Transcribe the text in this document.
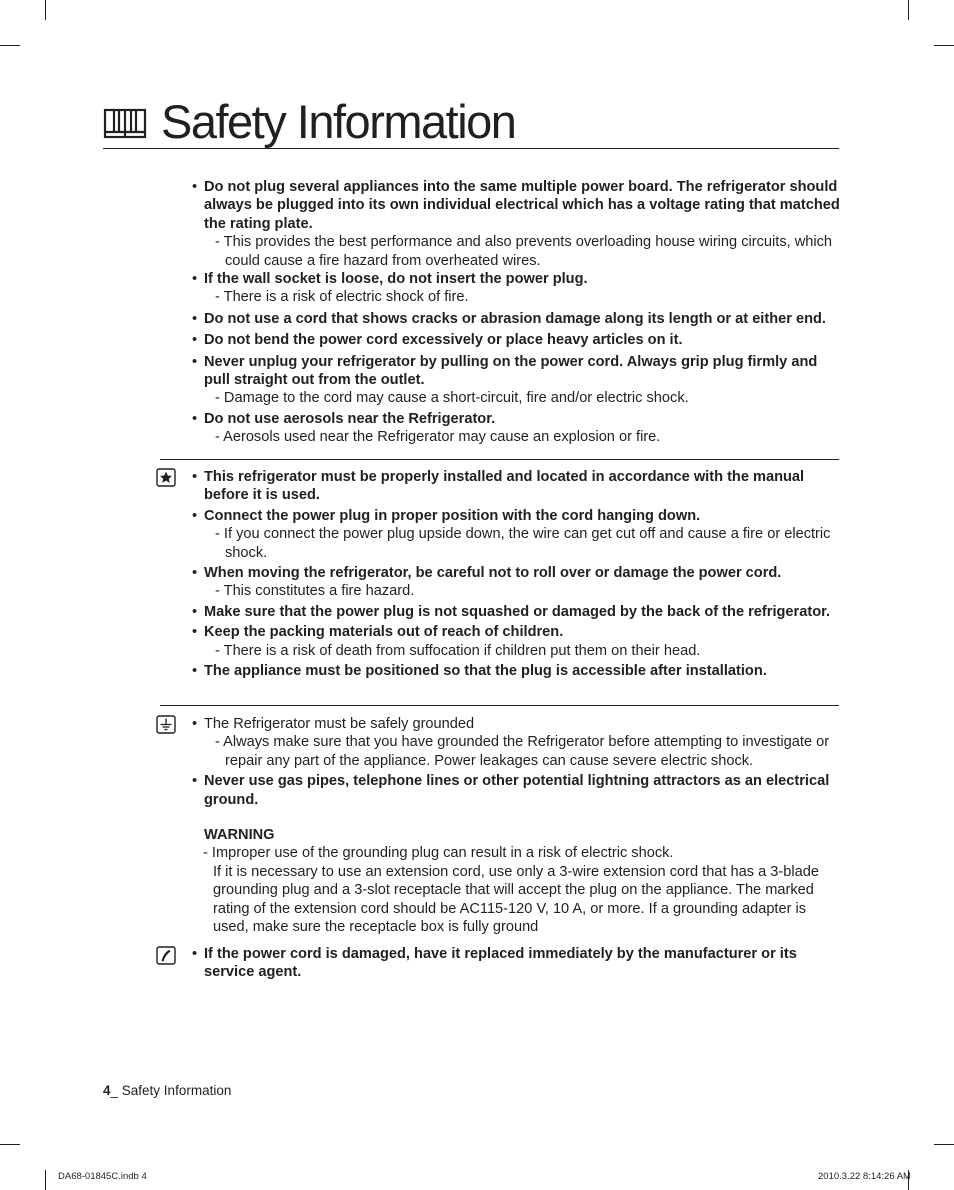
Safety Information
• Do not plug several appliances into the same multiple power board. The refrigerator should always be plugged into its own individual electrical which has a voltage rating that matched the rating plate.
- This provides the best performance and also prevents overloading house wiring circuits, which could cause a fire hazard from overheated wires.
• If the wall socket is loose, do not insert the power plug.
- There is a risk of electric shock of fire.
• Do not use a cord that shows cracks or abrasion damage along its length or at either end.
• Do not bend the power cord excessively or place heavy articles on it.
• Never unplug your refrigerator by pulling on the power cord. Always grip plug firmly and pull straight out from the outlet.
- Damage to the cord may cause a short-circuit, fire and/or electric shock.
• Do not use aerosols near the Refrigerator.
- Aerosols used near the Refrigerator may cause an explosion or fire.
• This refrigerator must be properly installed and located in accordance with the manual before it is used.
• Connect the power plug in proper position with the cord hanging down.
- If you connect the power plug upside down, the wire can get cut off and cause a fire or electric shock.
• When moving the refrigerator, be careful not to roll over or damage the power cord.
- This constitutes a fire hazard.
• Make sure that the power plug is not squashed or damaged by the back of the refrigerator.
• Keep the packing materials out of reach of children.
- There is a risk of death from suffocation if children put them on their head.
• The appliance must be positioned so that the plug is accessible after installation.
• The Refrigerator must be safely grounded
- Always make sure that you have grounded the Refrigerator before attempting to investigate or repair any part of the appliance. Power leakages can cause severe electric shock.
• Never use gas pipes, telephone lines or other potential lightning attractors as an electrical ground.
WARNING
- Improper use of the grounding plug can result in a risk of electric shock.
If it is necessary to use an extension cord, use only a 3-wire extension cord that has a 3-blade grounding plug and a 3-slot receptacle that will accept the plug on the appliance. The marked rating of the extension cord should be AC115-120 V, 10 A, or more. If a grounding adapter is used, make sure the receptacle box is fully ground
• If the power cord is damaged, have it replaced immediately by the manufacturer or its service agent.
4_ Safety Information
DA68-01845C.indb 4	2010.3.22 8:14:26 AM
